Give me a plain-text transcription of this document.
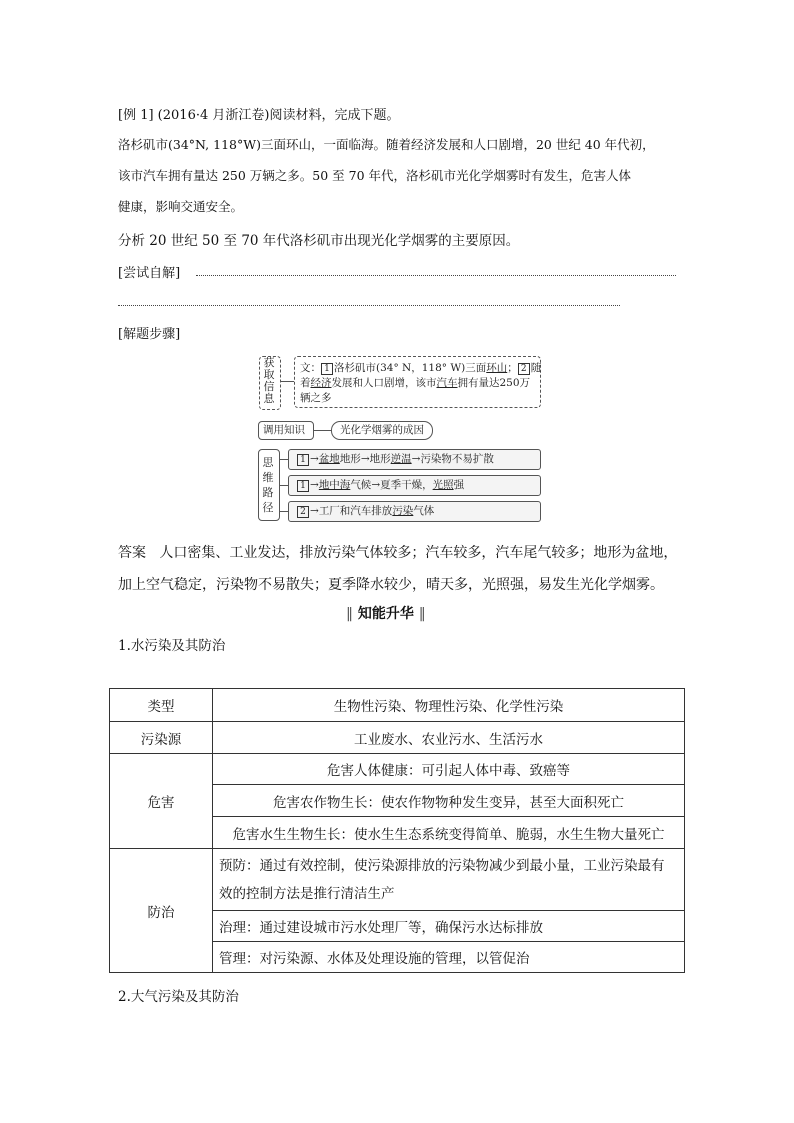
[例 1] (2016·4 月浙江卷)阅读材料，完成下题。
洛杉矶市(34°N, 118°W)三面环山，一面临海。随着经济发展和人口剧增，20 世纪 40 年代初，
该市汽车拥有量达 250 万辆之多。50 至 70 年代，洛杉矶市光化学烟雾时有发生，危害人体
健康，影响交通安全。
分析 20 世纪 50 至 70 年代洛杉矶市出现光化学烟雾的主要原因。
[尝试自解]
[解题步骤]
获取信息
文： 1 洛杉矶市(34° N，118° W)三面环山； 2 随
着经济发展和人口剧增，该市汽车拥有量达250万
辆之多
调用知识	光化学烟雾的成因
思维路径
1 →盆地地形→地形逆温→污染物不易扩散
1 →地中海气候→夏季干燥，光照强
2 →工厂和汽车排放污染气体
答案 人口密集、工业发达，排放污染气体较多；汽车较多，汽车尾气较多；地形为盆地，
加上空气稳定，污染物不易散失；夏季降水较少，晴天多，光照强，易发生光化学烟雾。
‖ 知能升华 ‖
1.水污染及其防治
类型	生物性污染、物理性污染、化学性污染
污染源	工业废水、农业污水、生活污水
危害	危害人体健康：可引起人体中毒、致癌等
	危害农作物生长：使农作物物种发生变异，甚至大面积死亡
	危害水生生物生长：使水生生态系统变得简单、脆弱，水生生物大量死亡
防治	预防：通过有效控制，使污染源排放的污染物减少到最小量，工业污染最有
效的控制方法是推行清洁生产

	治理：通过建设城市污水处理厂等，确保污水达标排放
	管理：对污染源、水体及处理设施的管理，以管促治
2.大气污染及其防治
